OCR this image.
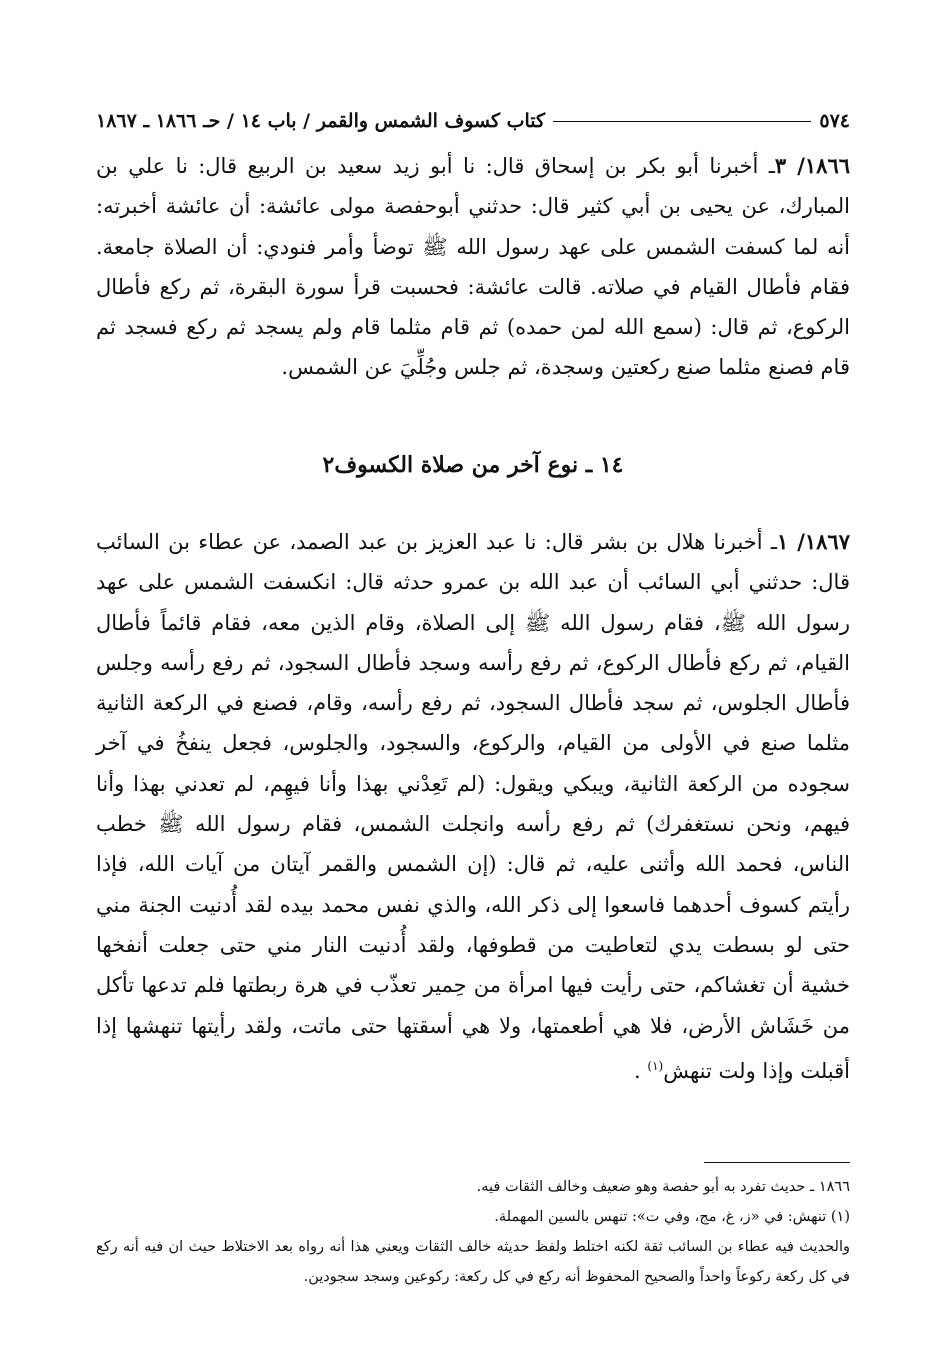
٥٧٤
كتاب كسوف الشمس والقمر / باب ١٤ / حـ ١٨٦٦ ـ ١٨٦٧
١٨٦٦/ ٣ـ أخبرنا أبو بكر بن إسحاق قال: نا أبو زيد سعيد بن الربيع قال: نا علي بن المبارك، عن يحيى بن أبي كثير قال: حدثني أبوحفصة مولى عائشة: أن عائشة أخبرته: أنه لما كسفت الشمس على عهد رسول الله ﷺ توضأ وأمر فنودي: أن الصلاة جامعة. فقام فأطال القيام في صلاته. قالت عائشة: فحسبت قرأ سورة البقرة، ثم ركع فأطال الركوع، ثم قال: (سمع الله لمن حمده) ثم قام مثلما قام ولم يسجد ثم ركع فسجد ثم قام فصنع مثلما صنع ركعتين وسجدة، ثم جلس وجُلِّيَ عن الشمس.
١٤ ـ نوع آخر من صلاة الكسوف٢
١٨٦٧/ ١ـ أخبرنا هلال بن بشر قال: نا عبد العزيز بن عبد الصمد، عن عطاء بن السائب قال: حدثني أبي السائب أن عبد الله بن عمرو حدثه قال: انكسفت الشمس على عهد رسول الله ﷺ، فقام رسول الله ﷺ إلى الصلاة، وقام الذين معه، فقام قائماً فأطال القيام، ثم ركع فأطال الركوع، ثم رفع رأسه وسجد فأطال السجود، ثم رفع رأسه وجلس فأطال الجلوس، ثم سجد فأطال السجود، ثم رفع رأسه، وقام، فصنع في الركعة الثانية مثلما صنع في الأولى من القيام، والركوع، والسجود، والجلوس، فجعل ينفخُ في آخر سجوده من الركعة الثانية، ويبكي ويقول: (لم تَعِدْني بهذا وأنا فيهِم، لم تعدني بهذا وأنا فيهم، ونحن نستغفرك) ثم رفع رأسه وانجلت الشمس، فقام رسول الله ﷺ خطب الناس، فحمد الله وأثنى عليه، ثم قال: (إن الشمس والقمر آيتان من آيات الله، فإذا رأيتم كسوف أحدهما فاسعوا إلى ذكر الله، والذي نفس محمد بيده لقد أُدنيت الجنة مني حتى لو بسطت يدي لتعاطيت من قطوفها، ولقد أُدنيت النار مني حتى جعلت أنفخها خشية أن تغشاكم، حتى رأيت فيها امرأة من حِمير تعذّب في هرة ربطتها فلم تدعها تأكل من خَشَاش الأرض، فلا هي أطعمتها، ولا هي أسقتها حتى ماتت، ولقد رأيتها تنهشها إذا أقبلت وإذا ولت تنهش$^{(١)}$ .
١٨٦٦ ـ حديث تفرد به أبو حفصة وهو ضعيف وخالف الثقات فيه.
(١) تنهش: في «ز، غ، مج، وفي ت»: تنهس بالسين المهملة.
والحديث فيه عطاء بن السائب ثقة لكنه اختلط ولفظ حديثه خالف الثقات ويعني هذا أنه رواه بعد الاختلاط حيث ان فيه أنه ركع في كل ركعة ركوعاً واحداً والصحيح المحفوظ أنه ركع في كل ركعة: ركوعين وسجد سجودين.
